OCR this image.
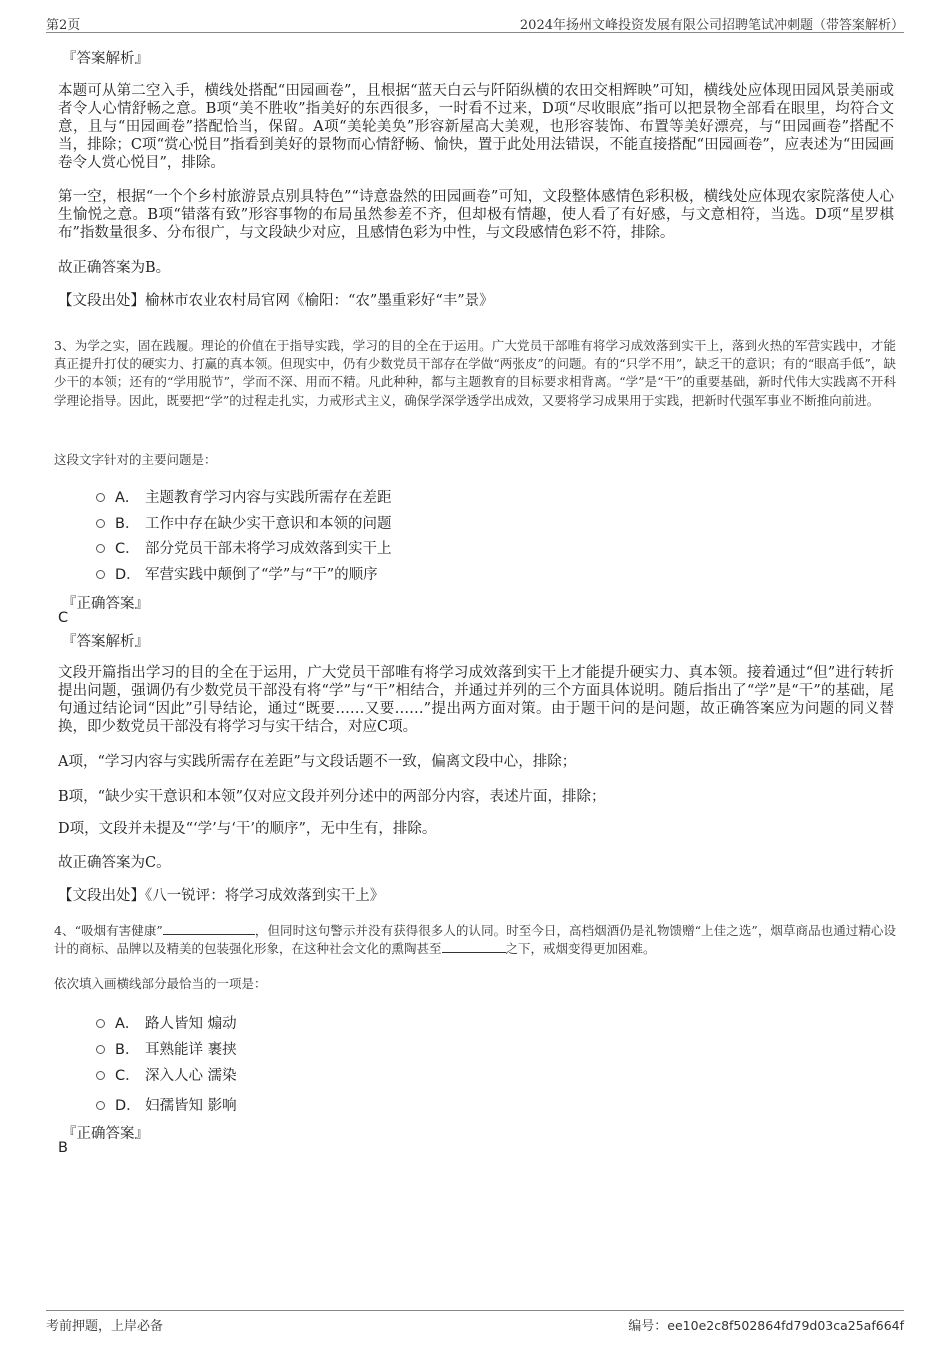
第2页	2024年扬州文峰投资发展有限公司招聘笔试冲刺题（带答案解析）
『答案解析』
本题可从第二空入手，横线处搭配“田园画卷”，且根据“蓝天白云与阡陌纵横的农田交相辉映”可知，横线处应体现田园风景美丽或者令人心情舒畅之意。B项“美不胜收”指美好的东西很多，一时看不过来，D项“尽收眼底”指可以把景物全部看在眼里，均符合文意，且与“田园画卷”搭配恰当，保留。A项“美轮美奂”形容新屋高大美观，也形容装饰、布置等美好漂亮，与“田园画卷”搭配不当，排除；C项“赏心悦目”指看到美好的景物而心情舒畅、愉快，置于此处用法错误，不能直接搭配“田园画卷”，应表述为“田园画卷令人赏心悦目”，排除。
第一空，根据“一个个乡村旅游景点别具特色”“诗意盎然的田园画卷”可知，文段整体感情色彩积极，横线处应体现农家院落使人心生愉悦之意。B项“错落有致”形容事物的布局虽然参差不齐，但却极有情趣，使人看了有好感，与文意相符，当选。D项“星罗棋布”指数量很多、分布很广，与文段缺少对应，且感情色彩为中性，与文段感情色彩不符，排除。
故正确答案为B。
【文段出处】榆林市农业农村局官网《榆阳：“农”墨重彩好“丰”景》
3、为学之实，固在践履。理论的价值在于指导实践，学习的目的全在于运用。广大党员干部唯有将学习成效落到实干上，落到火热的军营实践中，才能真正提升打仗的硬实力、打赢的真本领。但现实中，仍有少数党员干部存在学做“两张皮”的问题。有的“只学不用”，缺乏干的意识；有的“眼高手低”，缺少干的本领；还有的“学用脱节”，学而不深、用而不精。凡此种种，都与主题教育的目标要求相背离。“学”是“干”的重要基础，新时代伟大实践离不开科学理论指导。因此，既要把“学”的过程走扎实，力戒形式主义，确保学深学透学出成效，又要将学习成果用于实践，把新时代强军事业不断推向前进。
这段文字针对的主要问题是：
A． 主题教育学习内容与实践所需存在差距
B． 工作中存在缺少实干意识和本领的问题
C． 部分党员干部未将学习成效落到实干上
D． 军营实践中颠倒了“学”与“干”的顺序
『正确答案』
C
『答案解析』
文段开篇指出学习的目的全在于运用，广大党员干部唯有将学习成效落到实干上才能提升硬实力、真本领。接着通过“但”进行转折提出问题，强调仍有少数党员干部没有将“学”与“干”相结合，并通过并列的三个方面具体说明。随后指出了“学”是“干”的基础，尾句通过结论词“因此”引导结论，通过“既要……又要……”提出两方面对策。由于题干问的是问题，故正确答案应为问题的同义替换，即少数党员干部没有将学习与实干结合，对应C项。
A项，“学习内容与实践所需存在差距”与文段话题不一致，偏离文段中心，排除；
B项，“缺少实干意识和本领”仅对应文段并列分述中的两部分内容，表述片面，排除；
D项，文段并未提及“‘学’与‘干’的顺序”，无中生有，排除。
故正确答案为C。
【文段出处】《八一锐评：将学习成效落到实干上》
4、“吸烟有害健康”	，但同时这句警示并没有获得很多人的认同。时至今日，高档烟酒仍是礼物馈赠“上佳之选”，烟草商品也通过精心设计的商标、品牌以及精美的包装强化形象，在这种社会文化的熏陶甚至	之下，戒烟变得更加困难。
依次填入画横线部分最恰当的一项是：
A． 路人皆知 煽动
B． 耳熟能详 裹挟
C． 深入人心 濡染
D． 妇孺皆知 影响
『正确答案』
B
考前押题，上岸必备	编号：ee10e2c8f502864fd79d03ca25af664f
